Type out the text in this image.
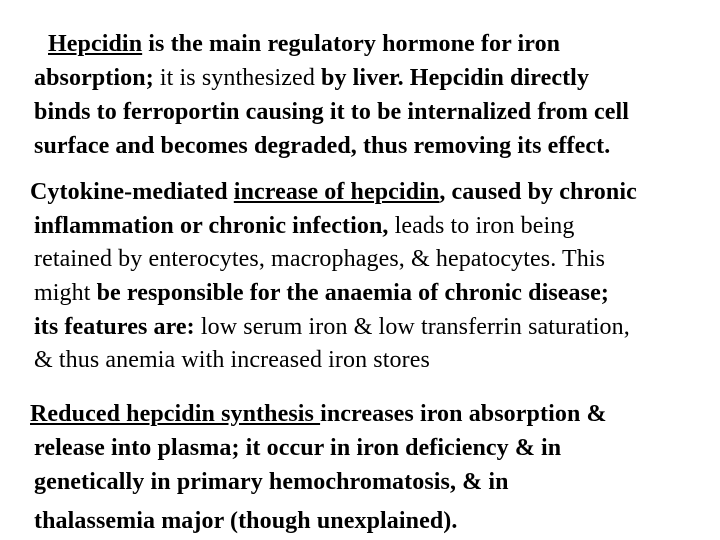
Hepcidin is the main regulatory hormone for iron
absorption; it is synthesized by liver. Hepcidin directly
binds to ferroportin causing it to be internalized from cell
surface and becomes degraded, thus removing its effect.
Cytokine-mediated increase of hepcidin, caused by chronic
inflammation or chronic infection, leads to iron being
retained by enterocytes, macrophages, & hepatocytes. This
might be responsible for the anaemia of chronic disease;
its features are: low serum iron & low transferrin saturation,
& thus anemia with increased iron stores
Reduced hepcidin synthesis increases iron absorption &
release into plasma; it occur in iron deficiency & in
genetically in primary hemochromatosis, & in
thalassemia major (though unexplained).
